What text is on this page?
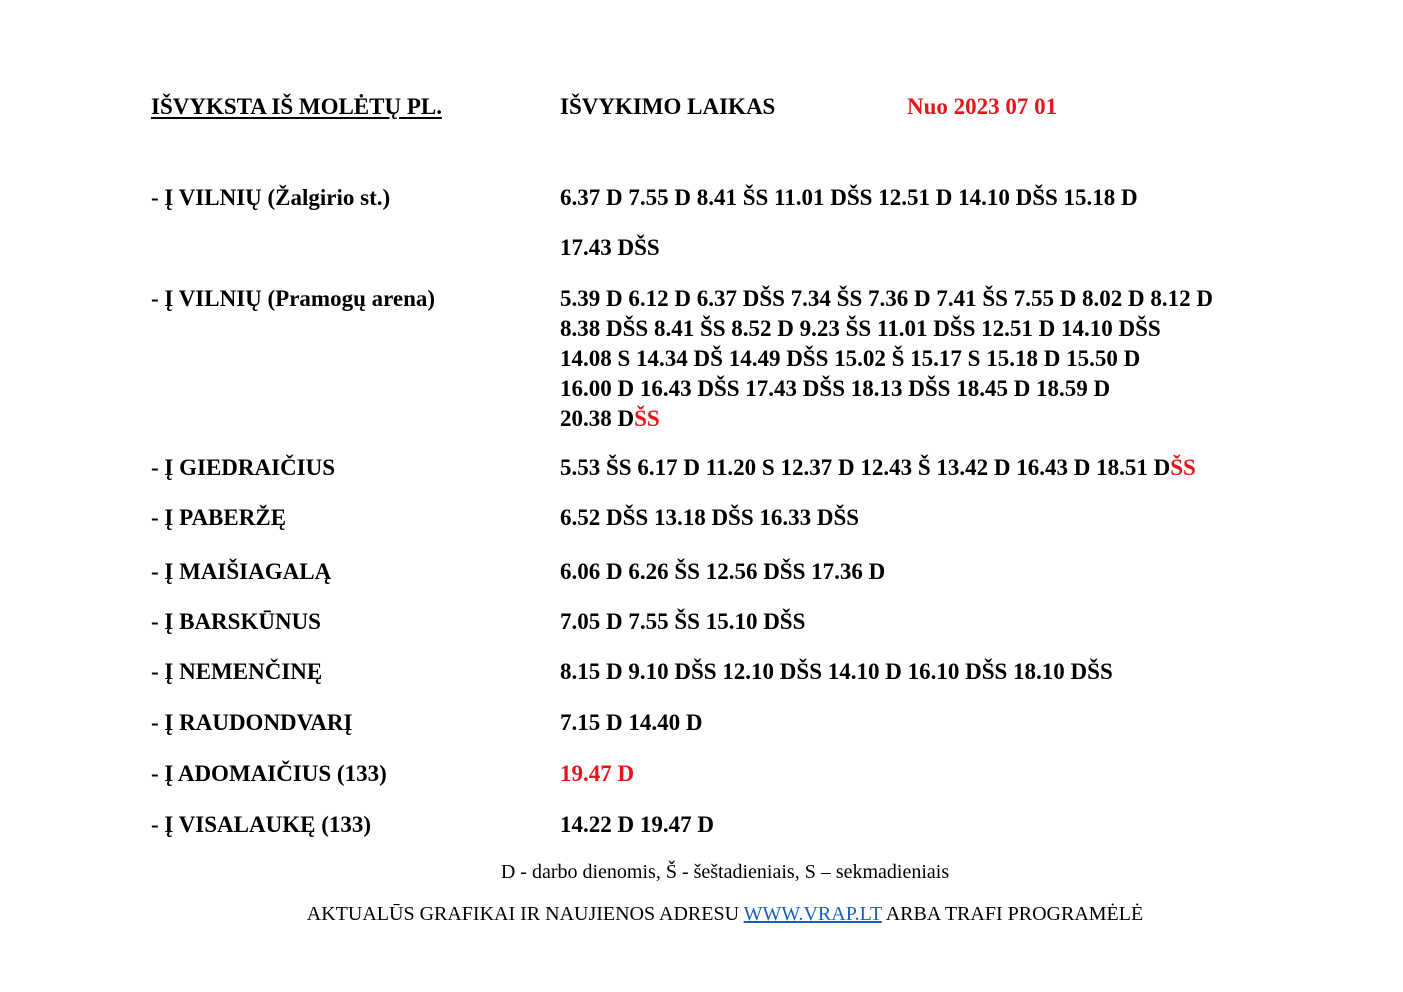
IŠVYKSTA IŠ MOLĖTŲ PL.	IŠVYKIMO LAIKAS	Nuo 2023 07 01
- Į VILNIŲ (Žalgirio st.)	6.37 D 7.55 D 8.41 ŠS 11.01 DŠS 12.51 D 14.10 DŠS 15.18 D
17.43 DŠS
- Į VILNIŲ (Pramogų arena)	5.39 D 6.12 D 6.37 DŠS 7.34 ŠS 7.36 D 7.41 ŠS 7.55 D 8.02 D 8.12 D
8.38 DŠS 8.41 ŠS 8.52 D 9.23 ŠS 11.01 DŠS 12.51 D 14.10 DŠS
14.08 S 14.34 DŠ 14.49 DŠS 15.02 Š 15.17 S 15.18 D 15.50 D
16.00 D 16.43 DŠS 17.43 DŠS 18.13 DŠS 18.45 D 18.59 D
20.38 DŠS
- Į GIEDRAIČIUS	5.53 ŠS 6.17 D 11.20 S 12.37 D 12.43 Š 13.42 D 16.43 D 18.51 DŠS
- Į PABERŽĘ	6.52 DŠS 13.18 DŠS 16.33 DŠS
- Į MAIŠIAGALĄ	6.06 D 6.26 ŠS 12.56 DŠS 17.36 D
- Į BARSKŪNUS	7.05 D 7.55 ŠS 15.10 DŠS
- Į NEMENČINĘ	8.15 D 9.10 DŠS 12.10 DŠS 14.10 D 16.10 DŠS 18.10 DŠS
- Į RAUDONDVARĮ	7.15 D 14.40 D
- Į ADOMAIČIUS (133)	19.47 D
- Į VISALAUKĘ (133)	14.22 D 19.47 D
D - darbo dienomis, Š - šeštadieniais, S – sekmadieniais
AKTUALŪS GRAFIKAI IR NAUJIENOS ADRESU WWW.VRAP.LT ARBA TRAFI PROGRAMĖLĖ
